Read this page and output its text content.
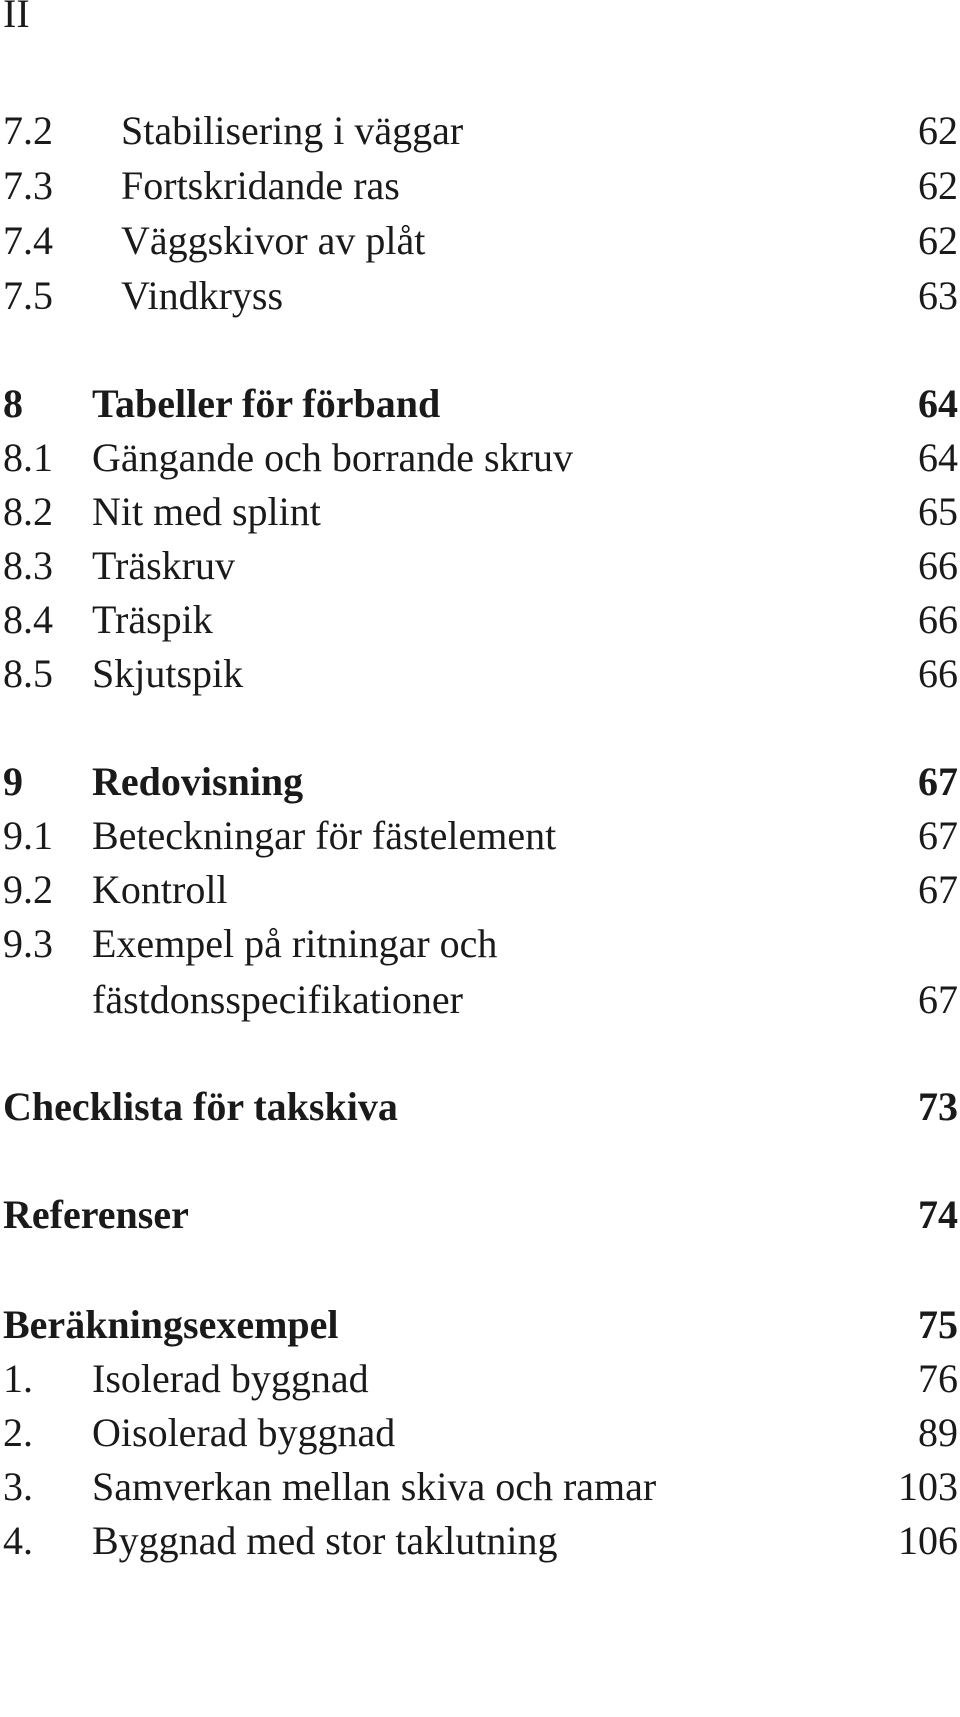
II
7.2 Stabilisering i väggar	62
7.3 Fortskridande ras	62
7.4 Väggskivor av plåt	62
7.5 Vindkryss	63
8 Tabeller för förband	64
8.1 Gängande och borrande skruv	64
8.2 Nit med splint	65
8.3 Träskruv	66
8.4 Träspik	66
8.5 Skjutspik	66
9 Redovisning	67
9.1 Beteckningar för fästelement	67
9.2 Kontroll	67
9.3 Exempel på ritningar och
fästdonsspecifikationer	67
Checklista för takskiva	73
Referenser	74
Beräkningsexempel	75
1. Isolerad byggnad	76
2. Oisolerad byggnad	89
3. Samverkan mellan skiva och ramar	103
4. Byggnad med stor taklutning	106
